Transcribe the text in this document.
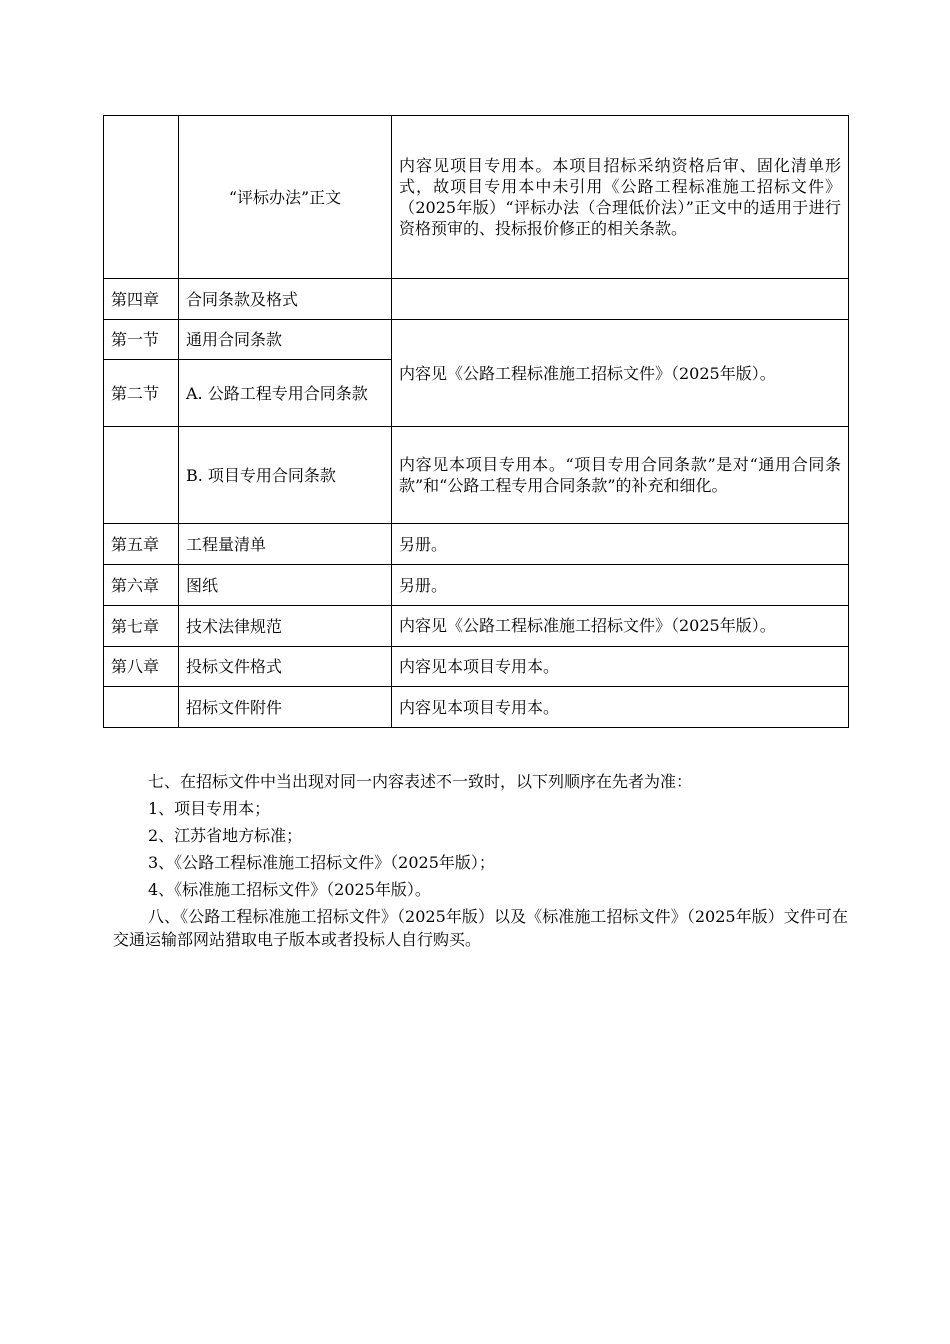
	“评标办法”正文	内容见项目专用本。本项目招标采纳资格后审、固化清单形式，故项目专用本中未引用《公路工程标准施工招标文件》（2025年版）“评标办法（合理低价法）”正文中的适用于进行资格预审的、投标报价修正的相关条款。
第四章	合同条款及格式	
第一节	通用合同条款	内容见《公路工程标准施工招标文件》（2025年版）。
第二节	A. 公路工程专用合同条款	
	B. 项目专用合同条款	内容见本项目专用本。“项目专用合同条款”是对“通用合同条款”和“公路工程专用合同条款”的补充和细化。
第五章	工程量清单	另册。
第六章	图纸	另册。
第七章	技术法律规范	内容见《公路工程标准施工招标文件》（2025年版）。
第八章	投标文件格式	内容见本项目专用本。
	招标文件附件	内容见本项目专用本。

七、在招标文件中当出现对同一内容表述不一致时，以下列顺序在先者为准：

1、项目专用本；

2、江苏省地方标准；

3、《公路工程标准施工招标文件》（2025年版）；

4、《标准施工招标文件》（2025年版）。

八、《公路工程标准施工招标文件》（2025年版）以及《标准施工招标文件》（2025年版）文件可在交通运输部网站猎取电子版本或者投标人自行购买。
